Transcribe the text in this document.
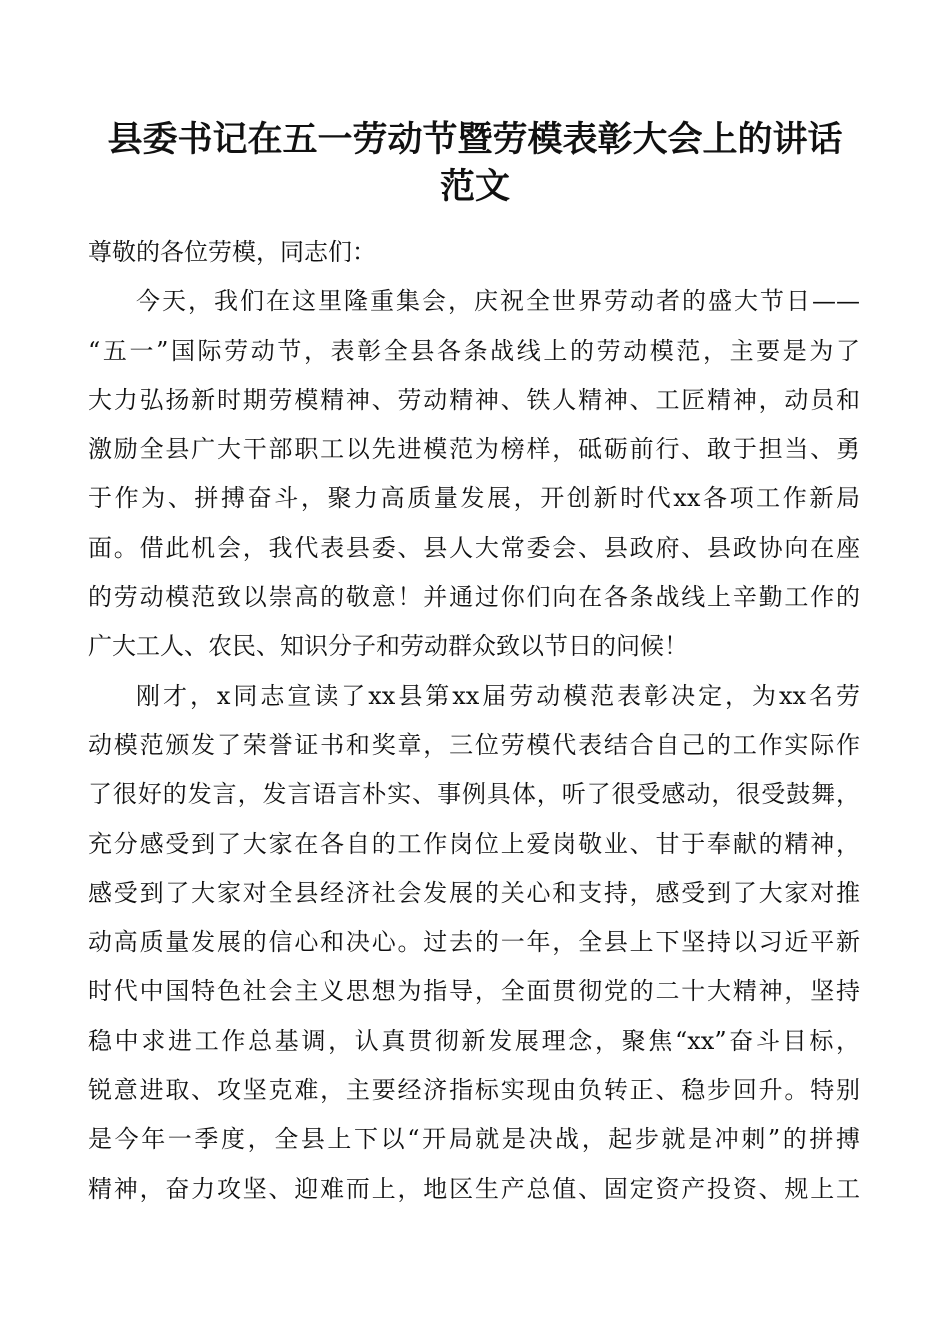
县委书记在五一劳动节暨劳模表彰大会上的讲话
范文
尊敬的各位劳模，同志们：
今天，我们在这里隆重集会，庆祝全世界劳动者的盛大节日——
“五一”国际劳动节，表彰全县各条战线上的劳动模范，主要是为了
大力弘扬新时期劳模精神、劳动精神、铁人精神、工匠精神，动员和
激励全县广大干部职工以先进模范为榜样，砥砺前行、敢于担当、勇
于作为、拼搏奋斗，聚力高质量发展，开创新时代xx各项工作新局
面。借此机会，我代表县委、县人大常委会、县政府、县政协向在座
的劳动模范致以崇高的敬意！并通过你们向在各条战线上辛勤工作的
广大工人、农民、知识分子和劳动群众致以节日的问候！
刚才，x同志宣读了xx县第xx届劳动模范表彰决定，为xx名劳
动模范颁发了荣誉证书和奖章，三位劳模代表结合自己的工作实际作
了很好的发言，发言语言朴实、事例具体，听了很受感动，很受鼓舞，
充分感受到了大家在各自的工作岗位上爱岗敬业、甘于奉献的精神，
感受到了大家对全县经济社会发展的关心和支持，感受到了大家对推
动高质量发展的信心和决心。过去的一年，全县上下坚持以习近平新
时代中国特色社会主义思想为指导，全面贯彻党的二十大精神，坚持
稳中求进工作总基调，认真贯彻新发展理念，聚焦“xx”奋斗目标，
锐意进取、攻坚克难，主要经济指标实现由负转正、稳步回升。特别
是今年一季度，全县上下以“开局就是决战，起步就是冲刺”的拼搏
精神，奋力攻坚、迎难而上，地区生产总值、固定资产投资、规上工
